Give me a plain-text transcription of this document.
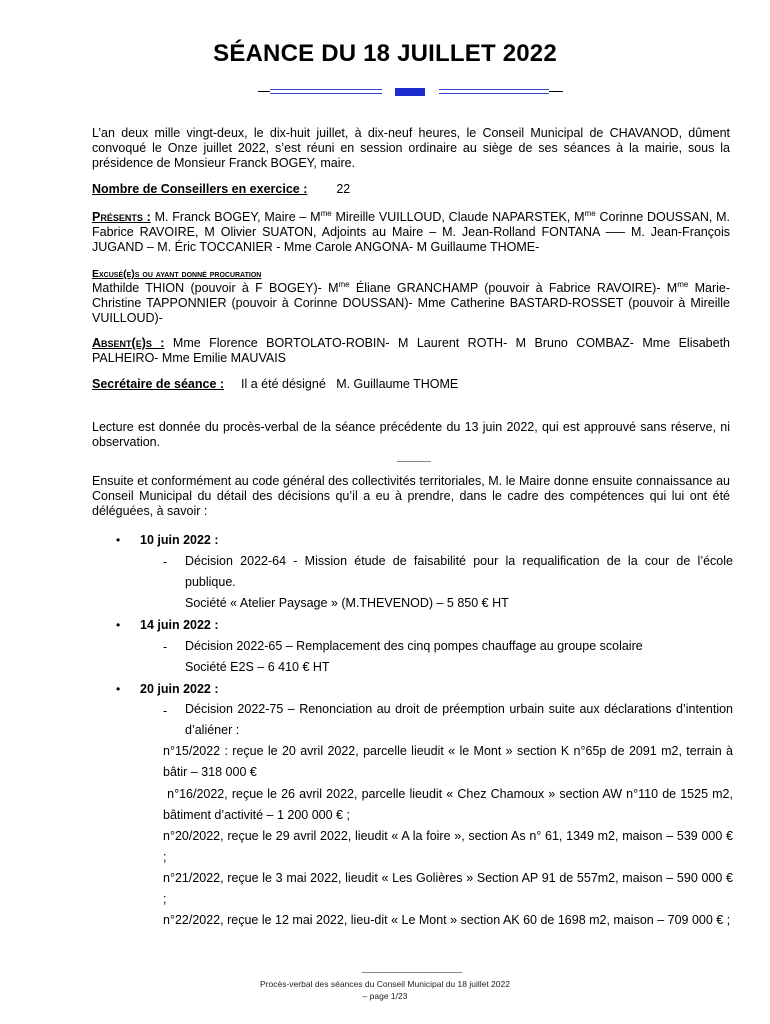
SÉANCE DU 18 JUILLET 2022
L’an deux mille vingt-deux, le dix-huit juillet, à dix-neuf heures, le Conseil Municipal de CHAVANOD, dûment convoqué le Onze juillet 2022, s’est réuni en session ordinaire au siège de ses séances à la mairie, sous la présidence de Monsieur Franck BOGEY, maire.
Nombre de Conseillers en exercice : 22
Présents : M. Franck BOGEY, Maire – $M^{me}$ Mireille VUILLOUD, Claude NAPARSTEK, $M^{me}$ Corinne DOUSSAN, M. Fabrice RAVOIRE, M Olivier SUATON, Adjoints au Maire – M. Jean-Rolland FONTANA –— M. Jean-François JUGAND – M. Éric TOCCANIER - Mme Carole ANGONA- M Guillaume THOME-
Excusé(e)s ou ayant donné procuration
Mathilde THION (pouvoir à F BOGEY)- $M^{me}$ Éliane GRANCHAMP (pouvoir à Fabrice RAVOIRE)- $M^{me}$ Marie-Christine TAPPONNIER (pouvoir à Corinne DOUSSAN)- Mme Catherine BASTARD-ROSSET (pouvoir à Mireille VUILLOUD)-
Absent(e)s : Mme Florence BORTOLATO-ROBIN- M Laurent ROTH- M Bruno COMBAZ- Mme Elisabeth PALHEIRO- Mme Emilie MAUVAIS
Secrétaire de séance : Il a été désigné   M. Guillaume THOME
Lecture est donnée du procès-verbal de la séance précédente du 13 juin 2022, qui est approuvé sans réserve, ni observation.
Ensuite et conformément au code général des collectivités territoriales, M. le Maire donne ensuite connaissance au Conseil Municipal du détail des décisions qu’il a eu à prendre, dans le cadre des compétences qui lui ont été déléguées, à savoir :
• 10 juin 2022 :
- Décision 2022-64 - Mission étude de faisabilité pour la requalification de la cour de l’école publique.
Société « Atelier Paysage » (M.THEVENOD) – 5 850 € HT
• 14 juin 2022 :
- Décision 2022-65 – Remplacement des cinq pompes chauffage au groupe scolaire
Société E2S – 6 410 € HT
• 20 juin 2022 :
- Décision 2022-75 – Renonciation au droit de préemption urbain suite aux déclarations d’intention d’aliéner :
n°15/2022 : reçue le 20 avril 2022, parcelle lieudit « le Mont » section K n°65p de 2091 m2, terrain à bâtir – 318 000 €
n°16/2022, reçue le 26 avril 2022, parcelle lieudit « Chez Chamoux » section AW n°110 de 1525 m2, bâtiment d’activité – 1 200 000 € ;
n°20/2022, reçue le 29 avril 2022, lieudit « A la foire », section As n° 61, 1349 m2, maison – 539 000 € ;
n°21/2022, reçue le 3 mai 2022, lieudit « Les Golières » Section AP 91 de 557m2, maison – 590 000 € ;
n°22/2022, reçue le 12 mai 2022, lieu-dit « Le Mont » section AK 60 de 1698 m2, maison – 709 000 € ;
Procès-verbal des séances du Conseil Municipal du 18 juillet 2022
– page 1/23
